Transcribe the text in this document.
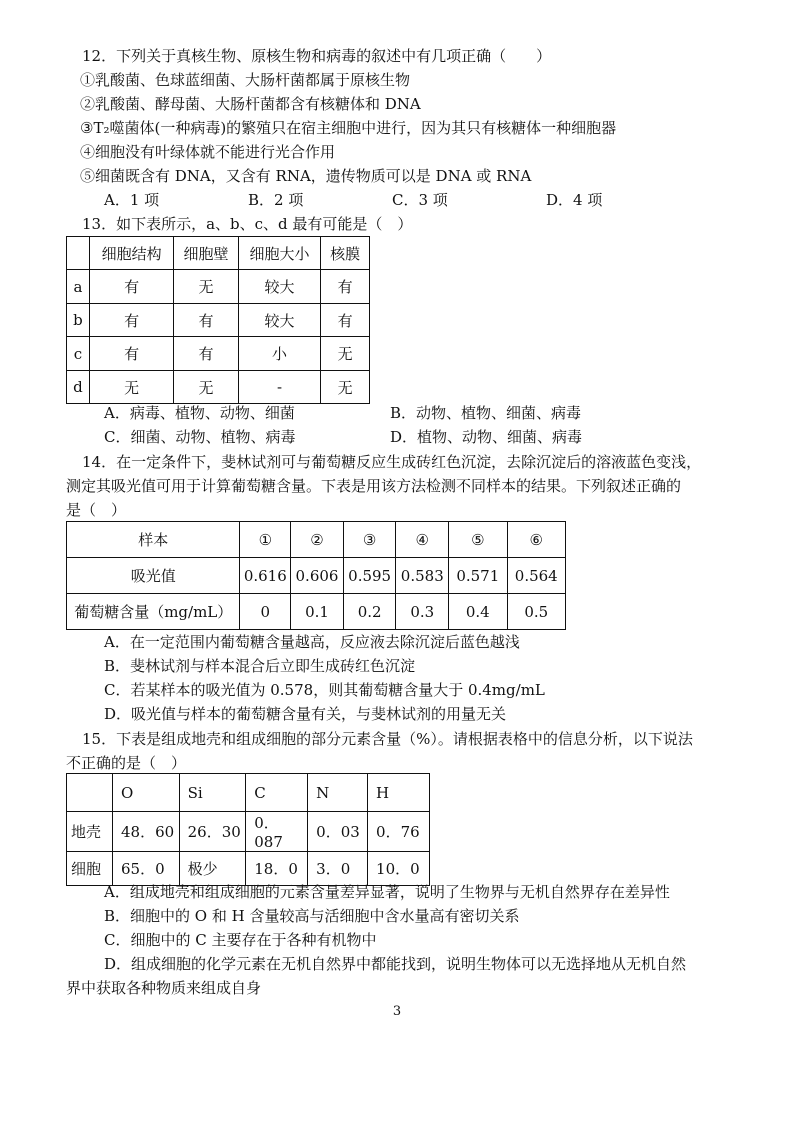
12．下列关于真核生物、原核生物和病毒的叙述中有几项正确（　　）
①乳酸菌、色球蓝细菌、大肠杆菌都属于原核生物
②乳酸菌、酵母菌、大肠杆菌都含有核糖体和 DNA
③T₂噬菌体(一种病毒)的繁殖只在宿主细胞中进行，因为其只有核糖体一种细胞器
④细胞没有叶绿体就不能进行光合作用
⑤细菌既含有 DNA，又含有 RNA，遗传物质可以是 DNA 或 RNA
A．1 项	B．2 项	C．3 项	D．4 项
13．如下表所示，a、b、c、d 最有可能是（　）
	细胞结构	细胞壁	细胞大小	核膜
a	有	无	较大	有
b	有	有	较大	有
c	有	有	小	无
d	无	无	-	无
A．病毒、植物、动物、细菌	B．动物、植物、细菌、病毒
C．细菌、动物、植物、病毒	D．植物、动物、细菌、病毒
14．在一定条件下，斐林试剂可与葡萄糖反应生成砖红色沉淀，去除沉淀后的溶液蓝色变浅，
测定其吸光值可用于计算葡萄糖含量。下表是用该方法检测不同样本的结果。下列叙述正确的
是（　）
样本	①	②	③	④	⑤	⑥
吸光值	0.616	0.606	0.595	0.583	0.571	0.564
葡萄糖含量（mg/mL）	0	0.1	0.2	0.3	0.4	0.5
A．在一定范围内葡萄糖含量越高，反应液去除沉淀后蓝色越浅
B．斐林试剂与样本混合后立即生成砖红色沉淀
C．若某样本的吸光值为 0.578，则其葡萄糖含量大于 0.4mg/mL
D．吸光值与样本的葡萄糖含量有关，与斐林试剂的用量无关
15．下表是组成地壳和组成细胞的部分元素含量（%）。请根据表格中的信息分析，以下说法
不正确的是（　）
	O	Si	C	N	H
地壳	48．60	26．30	0．087	0．03	0．76
细胞	65．0	极少	18．0	3．0	10．0
A．组成地壳和组成细胞的元素含量差异显著，说明了生物界与无机自然界存在差异性
B．细胞中的 O 和 H 含量较高与活细胞中含水量高有密切关系
C．细胞中的 C 主要存在于各种有机物中
D．组成细胞的化学元素在无机自然界中都能找到，说明生物体可以无选择地从无机自然
界中获取各种物质来组成自身
3
